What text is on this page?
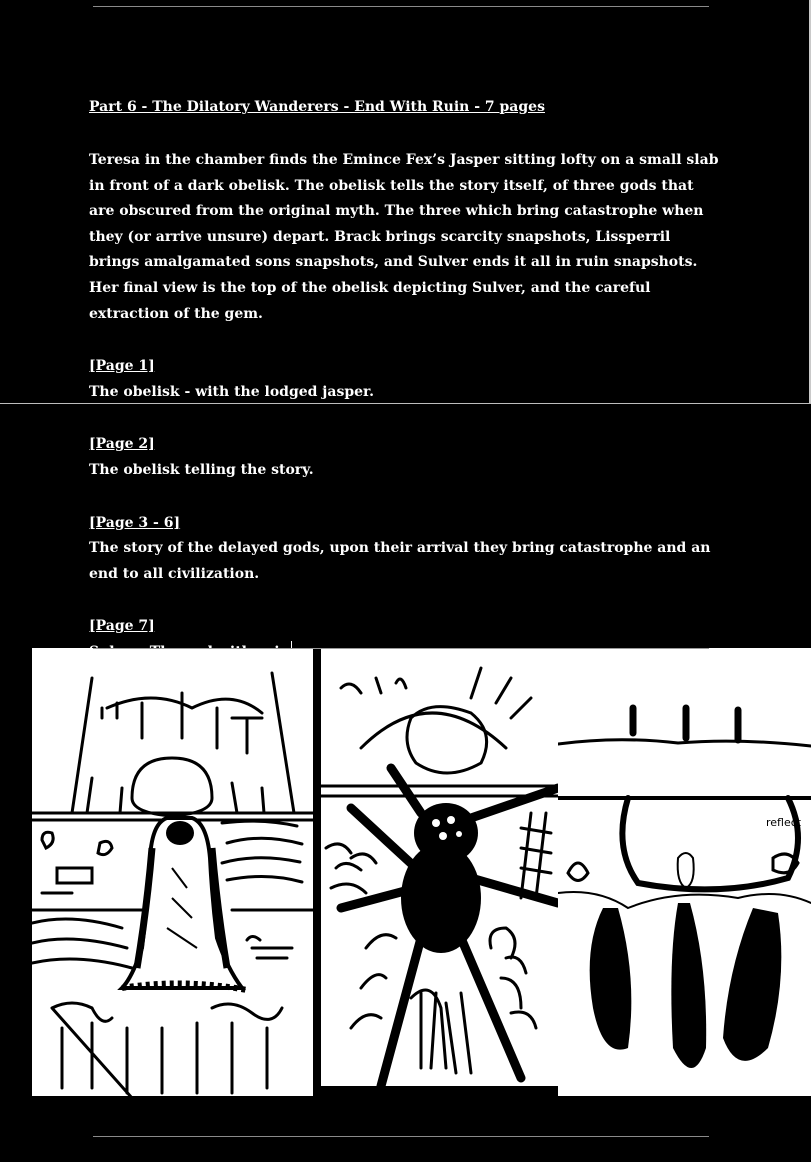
Part 6 - The Dilatory Wanderers - End With Ruin - 7 pages

Teresa in the chamber finds the Emince Fex’s Jasper sitting lofty on a small slab in front of a dark obelisk. The obelisk tells the story itself, of three gods that are obscured from the original myth. The three which bring catastrophe when they (or arrive unsure) depart. Brack brings scarcity snapshots, Lissperril brings amalgamated sons snapshots, and Sulver ends it all in ruin snapshots. Her final view is the top of the obelisk depicting Sulver, and the careful extraction of the gem.

[Page 1]

The obelisk - with the lodged jasper.

[Page 2]

The obelisk telling the story.

[Page 3 - 6]

The story of the delayed gods, upon their arrival they bring catastrophe and an end to all civilization.

[Page 7]

reflect
